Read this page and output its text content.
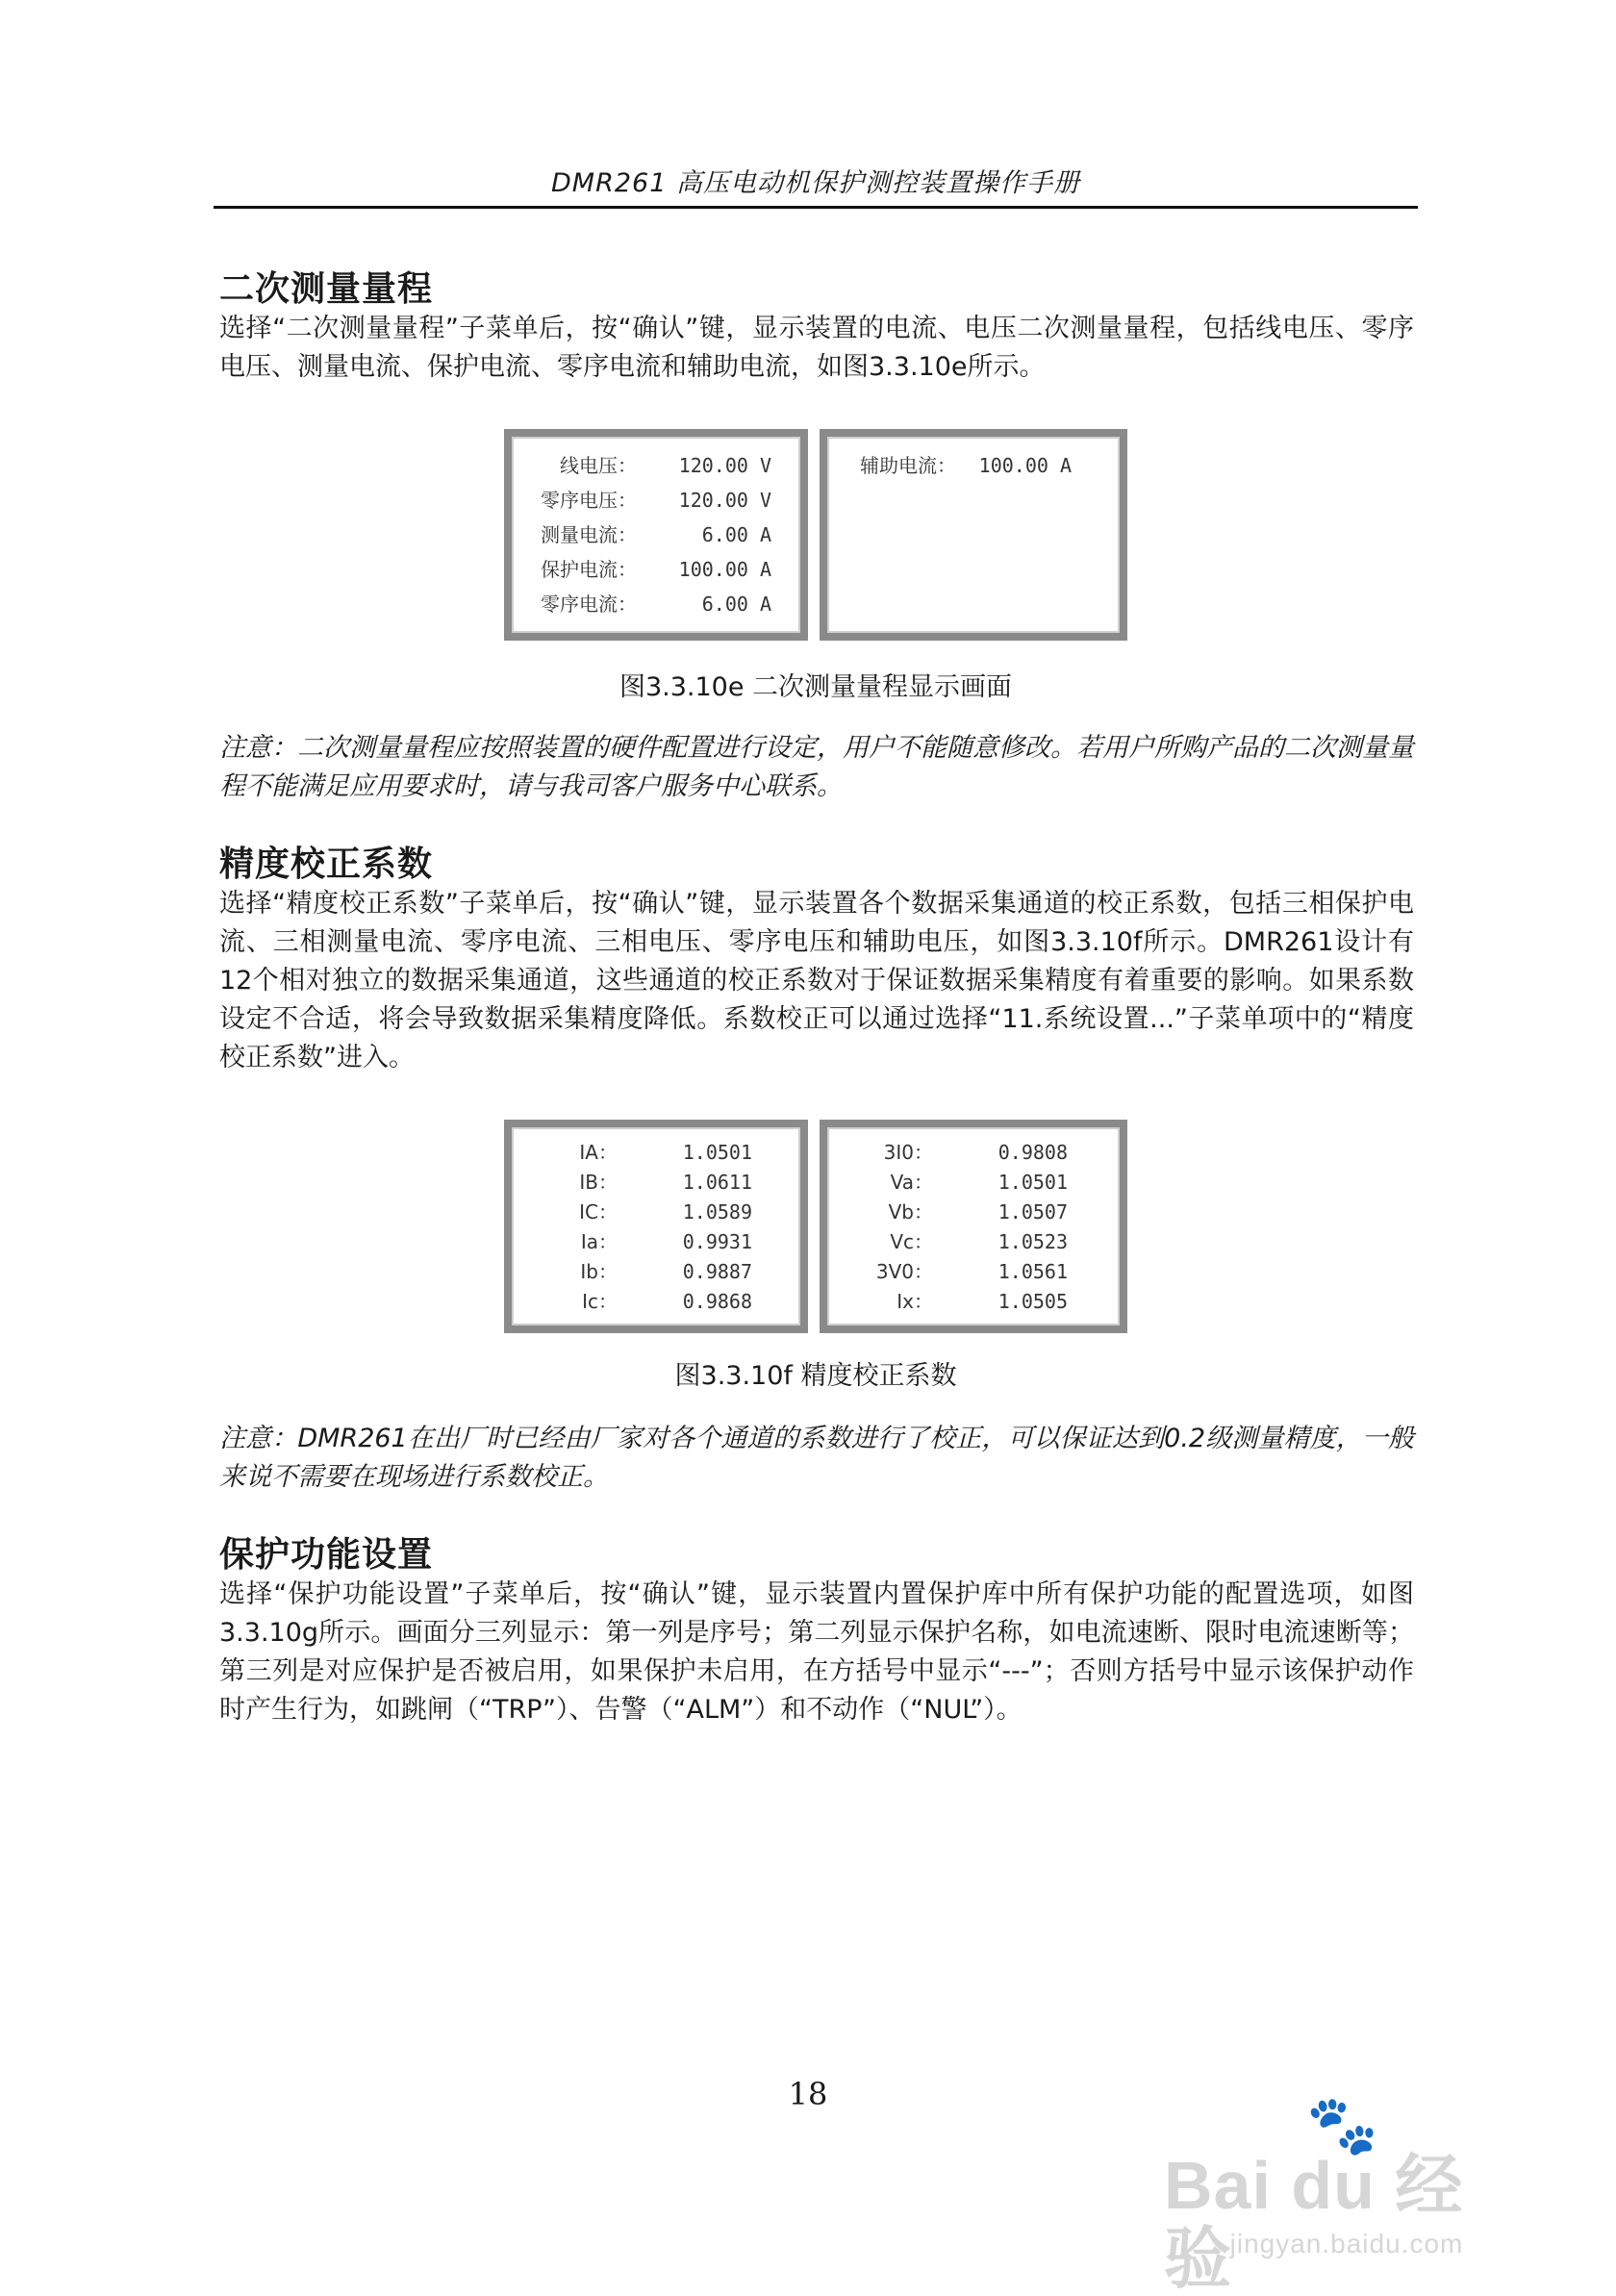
DMR261 高压电动机保护测控装置操作手册
二次测量量程
选择“二次测量量程”子菜单后，按“确认”键，显示装置的电流、电压二次测量量程，包括线电压、零序电压、测量电流、保护电流、零序电流和辅助电流，如图3.3.10e所示。
线电压： 120.00 V
零序电压： 120.00 V
测量电流：	6.00 A
保护电流： 100.00 A
零序电流：	6.00 A
辅助电流： 100.00 A
图3.3.10e 二次测量量程显示画面
注意：二次测量量程应按照装置的硬件配置进行设定，用户不能随意修改。若用户所购产品的二次测量量程不能满足应用要求时，请与我司客户服务中心联系。
精度校正系数
选择“精度校正系数”子菜单后，按“确认”键，显示装置各个数据采集通道的校正系数，包括三相保护电流、三相测量电流、零序电流、三相电压、零序电压和辅助电压，如图3.3.10f所示。DMR261设计有12个相对独立的数据采集通道，这些通道的校正系数对于保证数据采集精度有着重要的影响。如果系数设定不合适，将会导致数据采集精度降低。系数校正可以通过选择“11.系统设置...”子菜单项中的“精度校正系数”进入。
IA：	1.0501
IB：	1.0611
IC：	1.0589
Ia：	0.9931
Ib：	0.9887
Ic：	0.9868
3I0：	0.9808
Va：	1.0501
Vb：	1.0507
Vc：	1.0523
3V0：	1.0561
Ix：	1.0505
图3.3.10f 精度校正系数
注意：DMR261在出厂时已经由厂家对各个通道的系数进行了校正，可以保证达到0.2级测量精度，一般来说不需要在现场进行系数校正。
保护功能设置
选择“保护功能设置”子菜单后，按“确认”键，显示装置内置保护库中所有保护功能的配置选项，如图3.3.10g所示。画面分三列显示：第一列是序号；第二列显示保护名称，如电流速断、限时电流速断等；第三列是对应保护是否被启用，如果保护未启用，在方括号中显示“---”；否则方括号中显示该保护动作时产生行为，如跳闸（“TRP”）、告警（“ALM”）和不动作（“NUL”）。
18	🐾
Bai du 经验
jingyan.baidu.com
